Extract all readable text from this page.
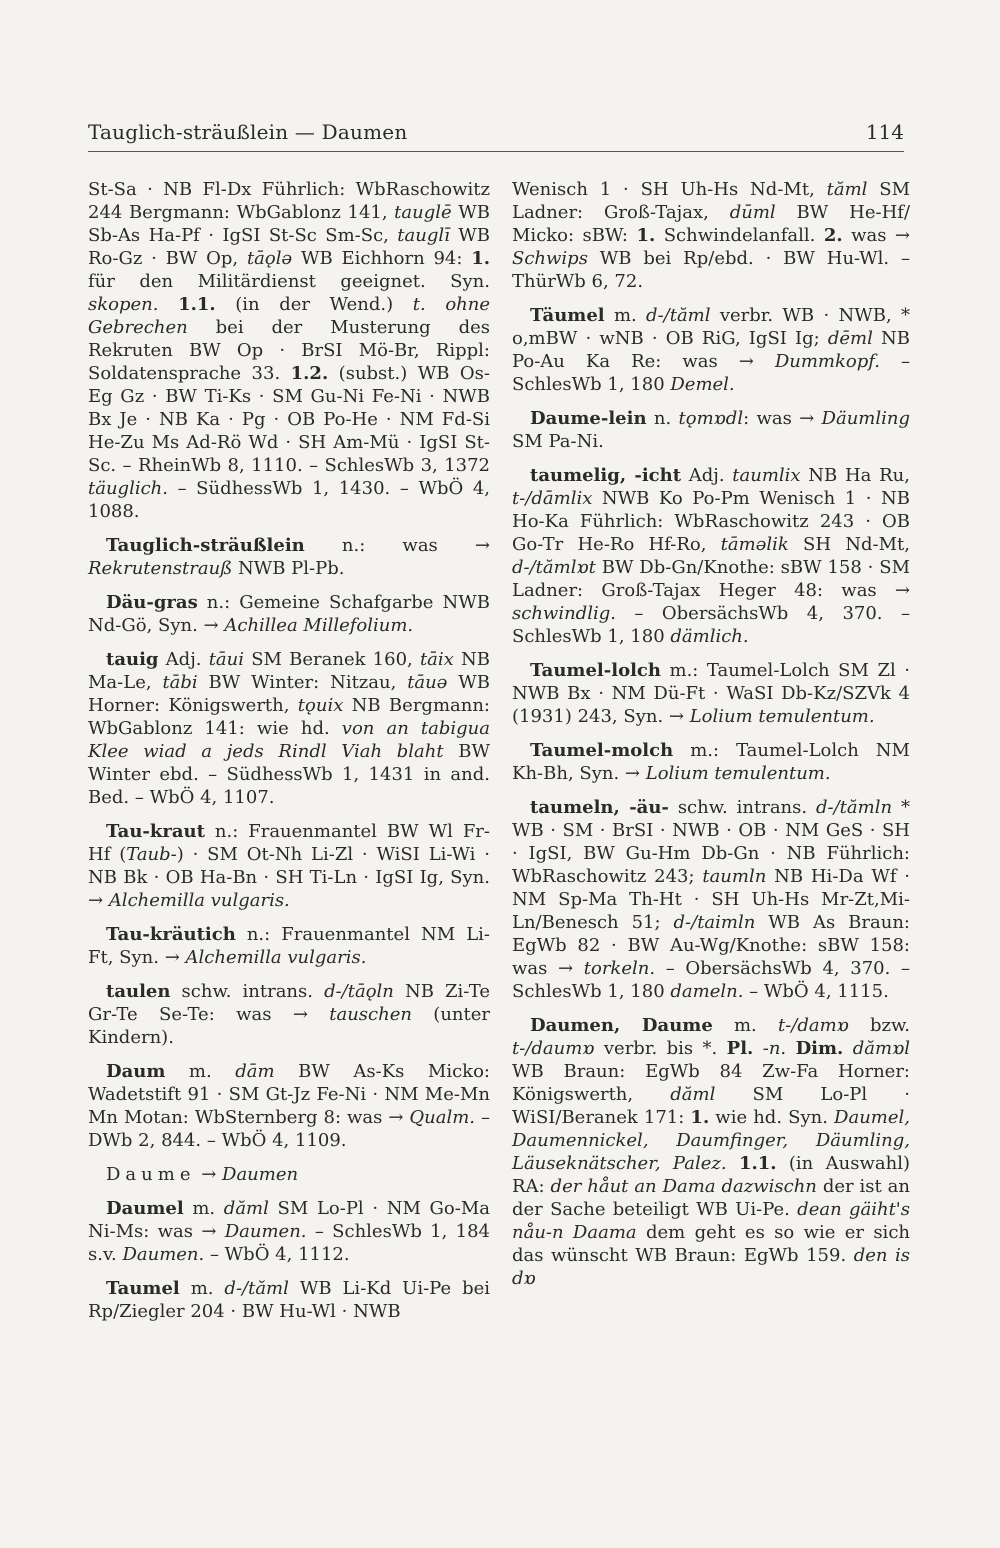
Tauglich-sträußlein — Daumen	114

St-Sa · NB Fl-Dx Führlich: WbRaschowitz 244 Bergmann: WbGablonz 141, tauglē WB Sb-As Ha-Pf · IgSI St-Sc Sm-Sc, tauglī WB Ro-Gz · BW Op, tāǫlə WB Eichhorn 94: 1. für den Militärdienst geeignet. Syn. skopen. 1.1. (in der Wend.) t. ohne Gebrechen bei der Musterung des Rekruten BW Op · BrSI Mö-Br, Rippl: Soldatensprache 33. 1.2. (subst.) WB Os-Eg Gz · BW Ti-Ks · SM Gu-Ni Fe-Ni · NWB Bx Je · NB Ka · Pg · OB Po-He · NM Fd-Si He-Zu Ms Ad-Rö Wd · SH Am-Mü · IgSI St-Sc. – RheinWb 8, 1110. – SchlesWb 3, 1372 täuglich. – SüdhessWb 1, 1430. – WbÖ 4, 1088.

Tauglich-sträußlein n.: was → Rekrutenstrauß NWB Pl-Pb.

Däu-gras n.: Gemeine Schafgarbe NWB Nd-Gö, Syn. → Achillea Millefolium.

tauig Adj. tāui SM Beranek 160, tāix NB Ma-Le, tābi BW Winter: Nitzau, tāuə WB Horner: Königswerth, tǫuix NB Bergmann: WbGablonz 141: wie hd. von an tabigua Klee wiad a jeds Rindl Viah blaht BW Winter ebd. – SüdhessWb 1, 1431 in and. Bed. – WbÖ 4, 1107.

Tau-kraut n.: Frauenmantel BW Wl Fr-Hf (Taub-) · SM Ot-Nh Li-Zl · WiSI Li-Wi · NB Bk · OB Ha-Bn · SH Ti-Ln · IgSI Ig, Syn. → Alchemilla vulgaris.

Tau-kräutich n.: Frauenmantel NM Li-Ft, Syn. → Alchemilla vulgaris.

taulen schw. intrans. d-/tāǫln NB Zi-Te Gr-Te Se-Te: was → tauschen (unter Kindern).

Daum m. dām BW As-Ks Micko: Wadetstift 91 · SM Gt-Jz Fe-Ni · NM Me-Mn Mn Motan: WbSternberg 8: was → Qualm. – DWb 2, 844. – WbÖ 4, 1109.

Daume → Daumen

Daumel m. dăml SM Lo-Pl · NM Go-Ma Ni-Ms: was → Daumen. – SchlesWb 1, 184 s.v. Daumen. – WbÖ 4, 1112.

Taumel m. d-/tăml WB Li-Kd Ui-Pe bei Rp/Ziegler 204 · BW Hu-Wl · NWB

Wenisch 1 · SH Uh-Hs Nd-Mt, tăml SM Ladner: Groß-Tajax, dūml BW He-Hf/ Micko: sBW: 1. Schwindelanfall. 2. was → Schwips WB bei Rp/ebd. · BW Hu-Wl. – ThürWb 6, 72.

Täumel m. d-/tăml verbr. WB · NWB, * o,mBW · wNB · OB RiG, IgSI Ig; dēml NB Po-Au Ka Re: was → Dummkopf. – SchlesWb 1, 180 Demel.

Daume-lein n. tǫmɒdl: was → Däumling SM Pa-Ni.

taumelig, -icht Adj. taumlix NB Ha Ru, t-/dāmlix NWB Ko Po-Pm Wenisch 1 · NB Ho-Ka Führlich: WbRaschowitz 243 · OB Go-Tr He-Ro Hf-Ro, tāməlik SH Nd-Mt, d-/tămlɒt BW Db-Gn/Knothe: sBW 158 · SM Ladner: Groß-Tajax Heger 48: was → schwindlig. – ObersächsWb 4, 370. – SchlesWb 1, 180 dämlich.

Taumel-lolch m.: Taumel-Lolch SM Zl · NWB Bx · NM Dü-Ft · WaSI Db-Kz/SZVk 4 (1931) 243, Syn. → Lolium temulentum.

Taumel-molch m.: Taumel-Lolch NM Kh-Bh, Syn. → Lolium temulentum.

taumeln, -äu- schw. intrans. d-/tămln * WB · SM · BrSI · NWB · OB · NM GeS · SH · IgSI, BW Gu-Hm Db-Gn · NB Führlich: WbRaschowitz 243; taumln NB Hi-Da Wf · NM Sp-Ma Th-Ht · SH Uh-Hs Mr-Zt,Mi-Ln/Benesch 51; d-/taimln WB As Braun: EgWb 82 · BW Au-Wg/Knothe: sBW 158: was → torkeln. – ObersächsWb 4, 370. – SchlesWb 1, 180 dameln. – WbÖ 4, 1115.

Daumen, Daume m. t-/damɒ bzw. t-/daumɒ verbr. bis *. Pl. -n. Dim. dămɒl WB Braun: EgWb 84 Zw-Fa Horner: Königswerth, dăml SM Lo-Pl · WiSI/Beranek 171: 1. wie hd. Syn. Daumel, Daumennickel, Daumfinger, Däumling, Läuseknätscher, Palez. 1.1. (in Auswahl) RA: der håut an Dama dazwischn der ist an der Sache beteiligt WB Ui-Pe. dean gäiht's nåu-n Daama dem geht es so wie er sich das wünscht WB Braun: EgWb 159. den is dɒ
